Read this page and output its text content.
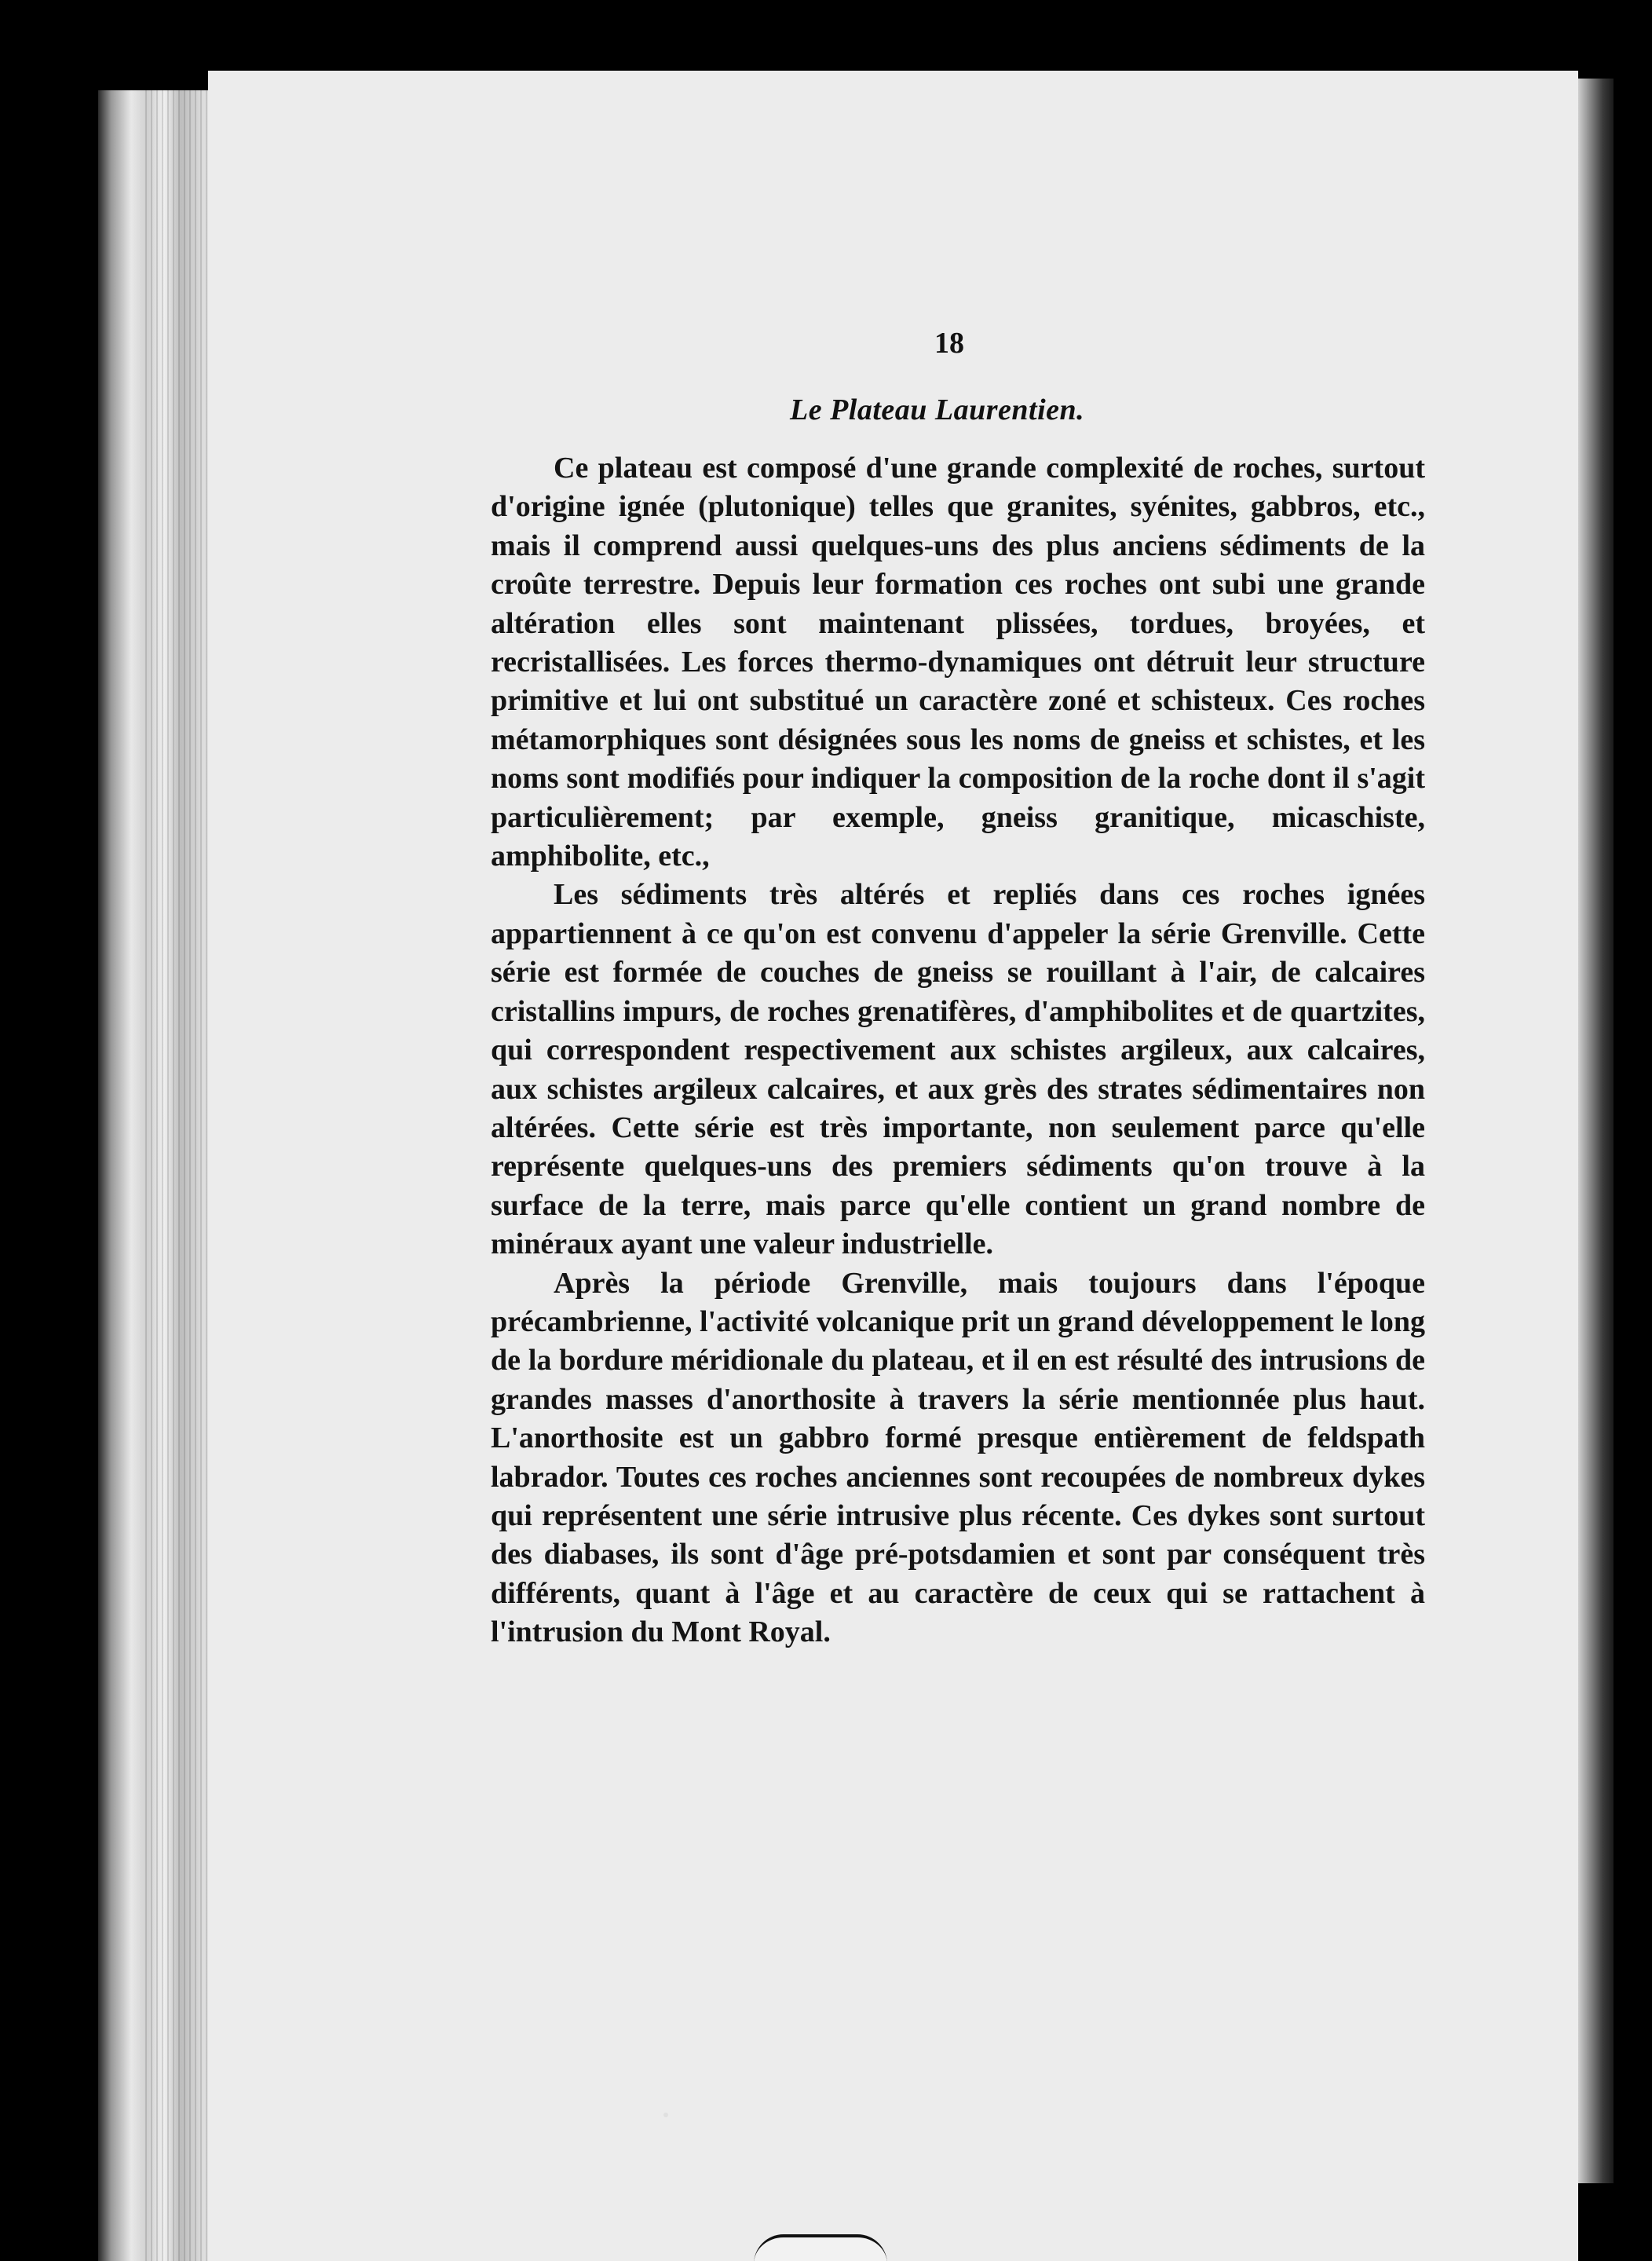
18
Le Plateau Laurentien.

Ce plateau est composé d'une grande complexité de roches, surtout d'origine ignée (plutonique) telles que granites, syénites, gabbros, etc., mais il comprend aussi quelques-uns des plus anciens sédiments de la croûte terrestre. Depuis leur formation ces roches ont subi une grande altération elles sont maintenant plissées, tordues, broyées, et recristallisées. Les forces thermo-dynamiques ont détruit leur structure primitive et lui ont substitué un caractère zoné et schisteux. Ces roches métamorphiques sont désignées sous les noms de gneiss et schistes, et les noms sont modifiés pour indiquer la composition de la roche dont il s'agit particulièrement; par exemple, gneiss granitique, micaschiste, amphibolite, etc.,

Les sédiments très altérés et repliés dans ces roches ignées appartiennent à ce qu'on est convenu d'appeler la série Grenville. Cette série est formée de couches de gneiss se rouillant à l'air, de calcaires cristallins impurs, de roches grenatifères, d'amphibolites et de quartzites, qui correspondent respectivement aux schistes argileux, aux calcaires, aux schistes argileux calcaires, et aux grès des strates sédimentaires non altérées. Cette série est très importante, non seulement parce qu'elle représente quelques-uns des premiers sédiments qu'on trouve à la surface de la terre, mais parce qu'elle contient un grand nombre de minéraux ayant une valeur industrielle.

Après la période Grenville, mais toujours dans l'époque précambrienne, l'activité volcanique prit un grand développement le long de la bordure méridionale du plateau, et il en est résulté des intrusions de grandes masses d'anorthosite à travers la série mentionnée plus haut. L'anorthosite est un gabbro formé presque entièrement de feldspath labrador. Toutes ces roches anciennes sont recoupées de nombreux dykes qui représentent une série intrusive plus récente. Ces dykes sont surtout des diabases, ils sont d'âge pré-potsdamien et sont par conséquent très différents, quant à l'âge et au caractère de ceux qui se rattachent à l'intrusion du Mont Royal.
